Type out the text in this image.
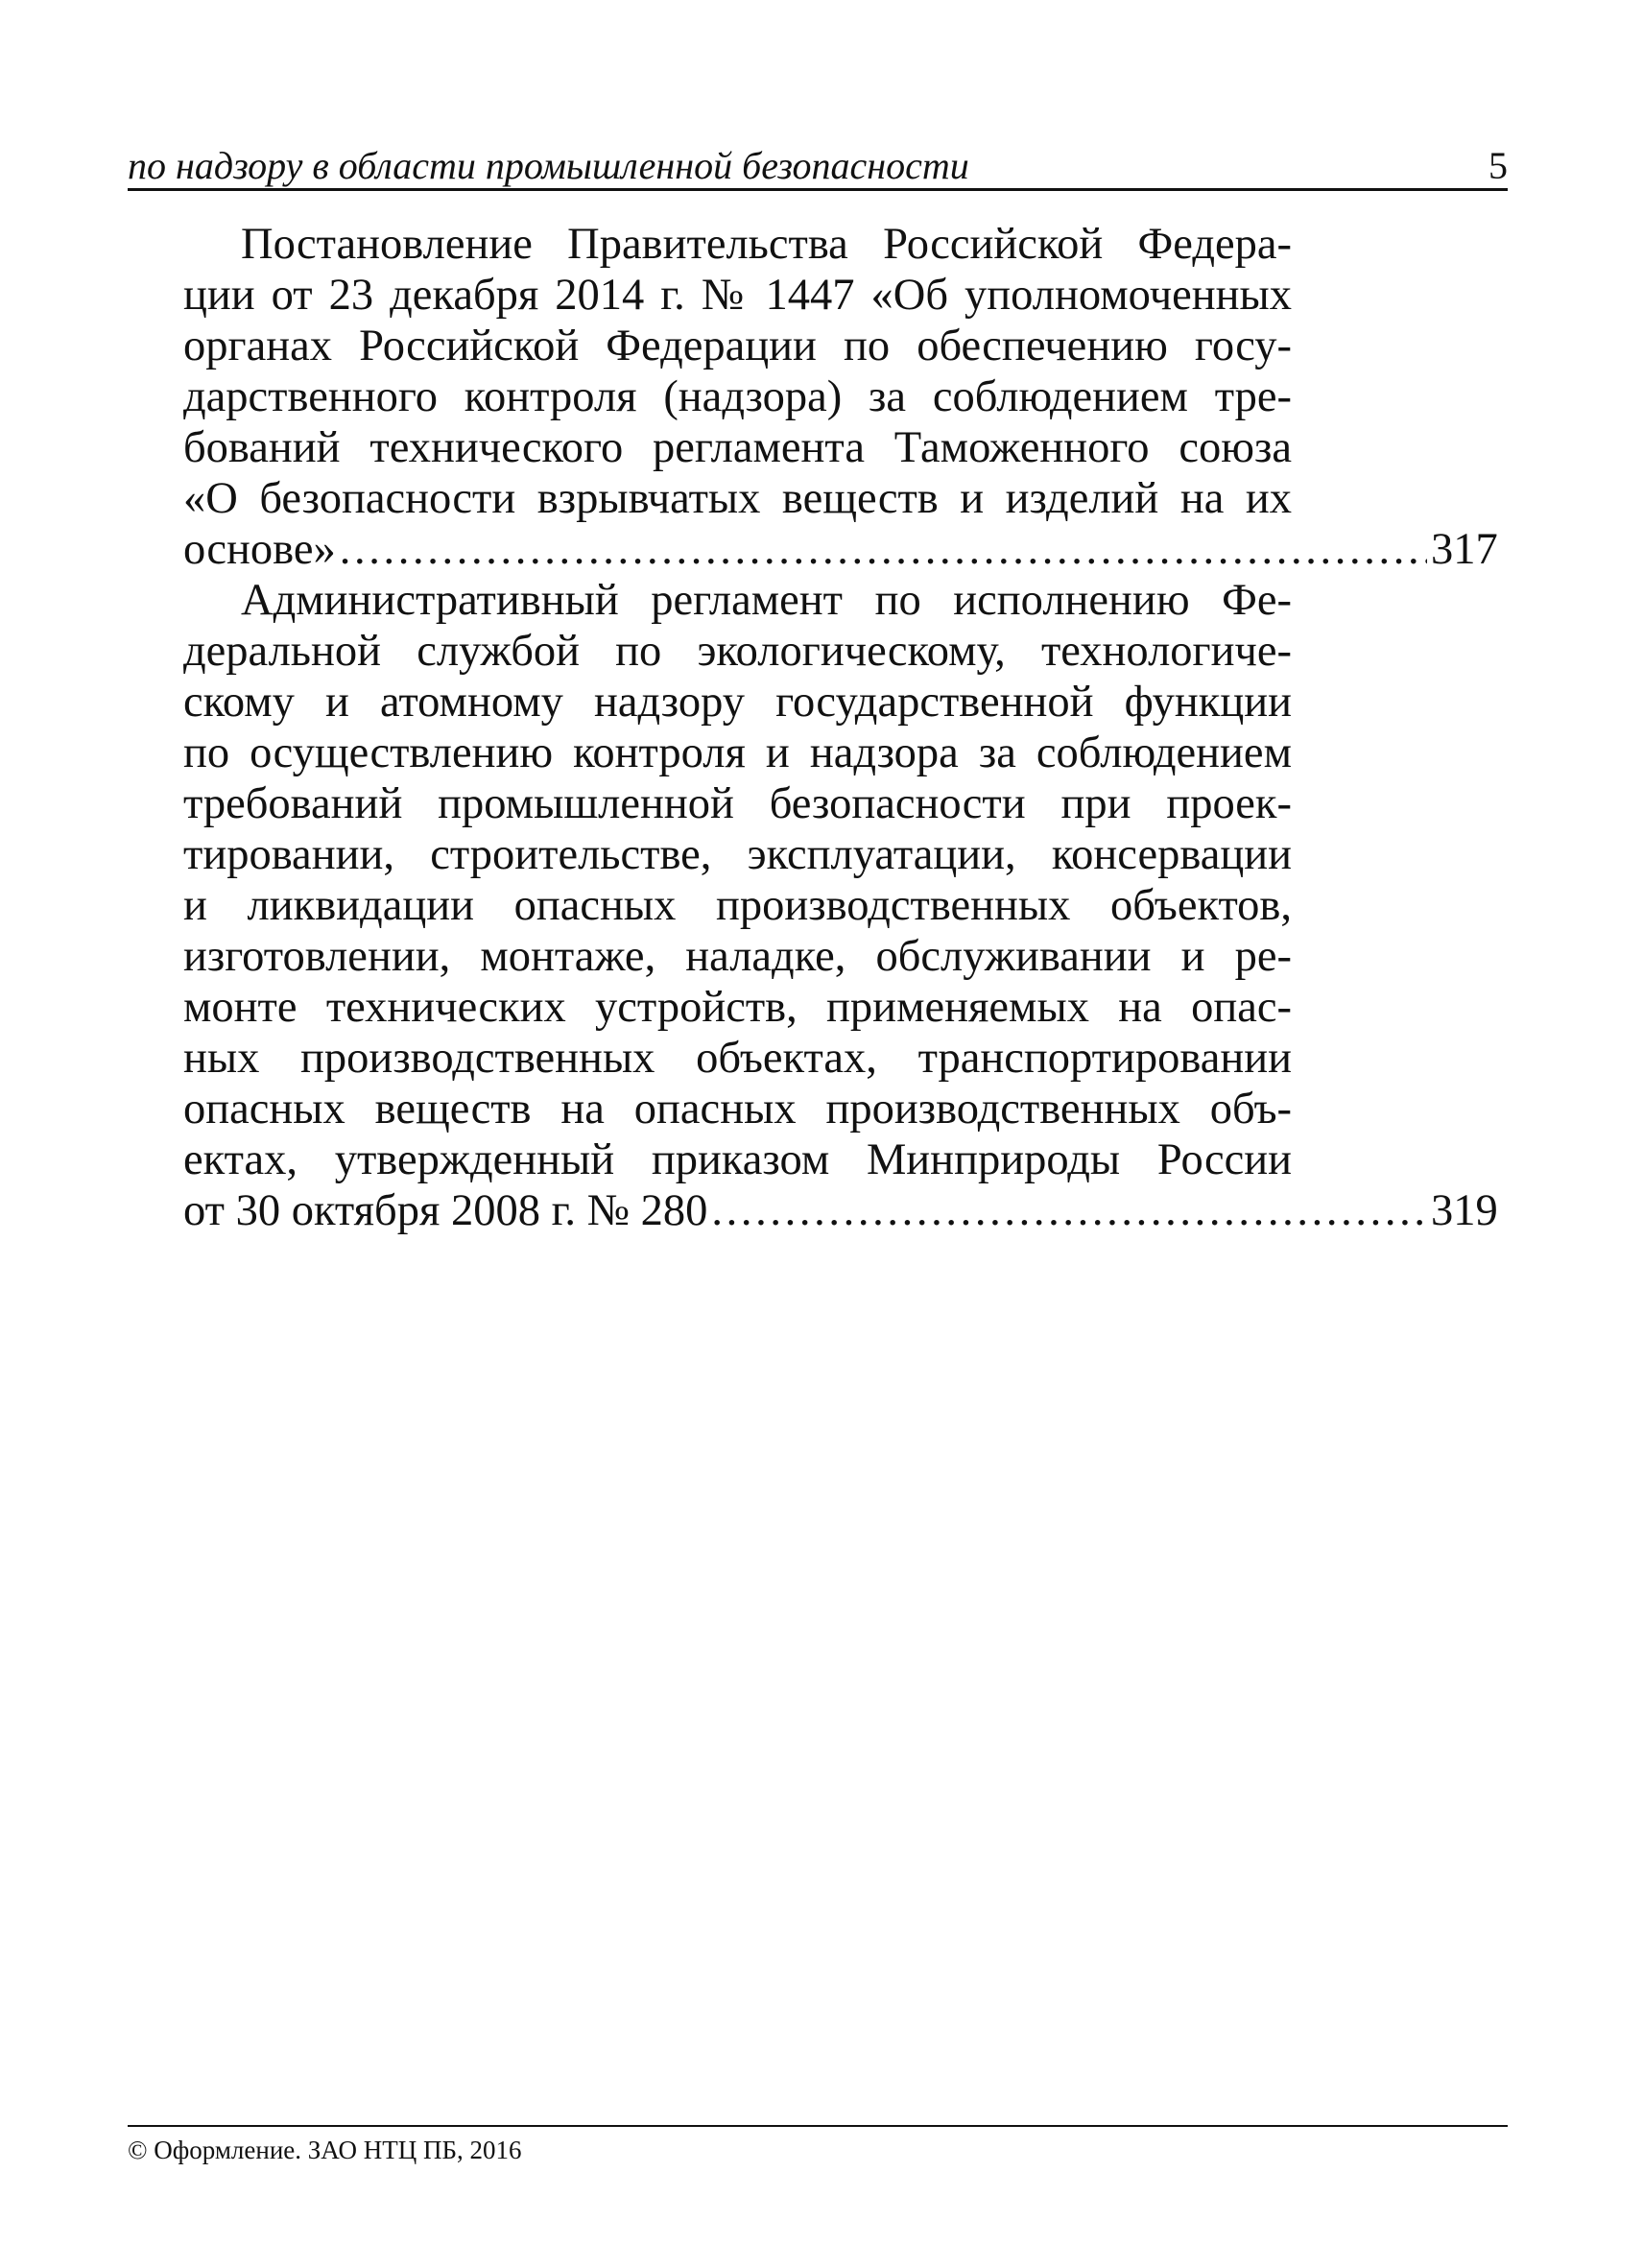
по надзору в области промышленной безопасности	5
Постановление Правительства Российской Федера-
ции от 23 декабря 2014 г. № 1447 «Об уполномоченных
органах Российской Федерации по обеспечению госу-
дарственного контроля (надзора) за соблюдением тре-
бований технического регламента Таможенного союза
«О безопасности взрывчатых веществ и изделий на их
основе» . . .	317
Административный регламент по исполнению Фе-
деральной службой по экологическому, технологиче-
скому и атомному надзору государственной функции
по осуществлению контроля и надзора за соблюдением
требований промышленной безопасности при проек-
тировании, строительстве, эксплуатации, консервации
и ликвидации опасных производственных объектов,
изготовлении, монтаже, наладке, обслуживании и ре-
монте технических устройств, применяемых на опас-
ных производственных объектах, транспортировании
опасных веществ на опасных производственных объ-
ектах, утвержденный приказом Минприроды России
от 30 октября 2008 г. № 280 . . .	319
© Оформление. ЗАО НТЦ ПБ, 2016
